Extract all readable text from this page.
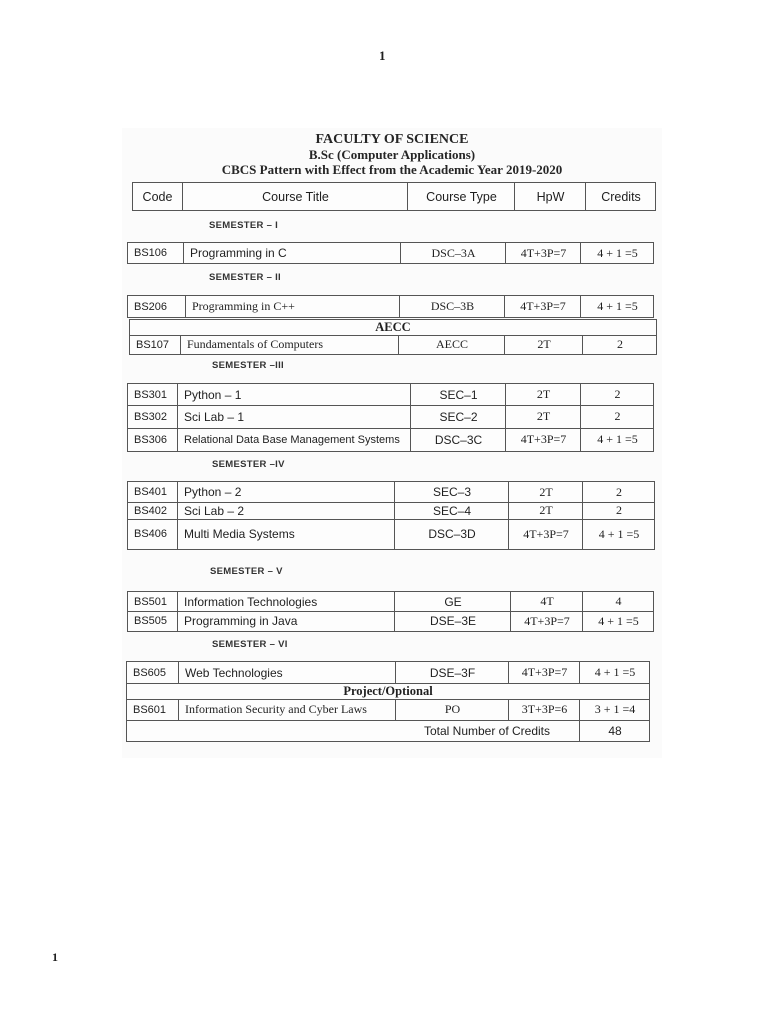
1
FACULTY OF SCIENCE
B.Sc (Computer Applications)
CBCS Pattern with Effect from the Academic Year 2019-2020
Code	Course Title	Course Type	HpW	Credits
SEMESTER – I
BS106	Programming in C	DSC–3A	4T+3P=7	4 + 1 =5
SEMESTER – II
BS206	Programming in C++	DSC–3B	4T+3P=7	4 + 1 =5
AECC
BS107	Fundamentals of Computers	AECC	2T	2
SEMESTER –III
BS301	Python – 1	SEC–1	2T	2
BS302	Sci Lab – 1	SEC–2	2T	2
BS306	Relational Data Base Management Systems	DSC–3C	4T+3P=7	4 + 1 =5
SEMESTER –IV
BS401	Python – 2	SEC–3	2T	2
BS402	Sci Lab – 2	SEC–4	2T	2
BS406	Multi Media Systems	DSC–3D	4T+3P=7	4 + 1 =5
SEMESTER – V
BS501	Information Technologies	GE	4T	4
BS505	Programming in Java	DSE–3E	4T+3P=7	4 + 1 =5
SEMESTER – VI
BS605	Web Technologies	DSE–3F	4T+3P=7	4 + 1 =5
Project/Optional
BS601	Information Security and Cyber Laws	PO	3T+3P=6	3 + 1 =4
Total Number of Credits	48
1
